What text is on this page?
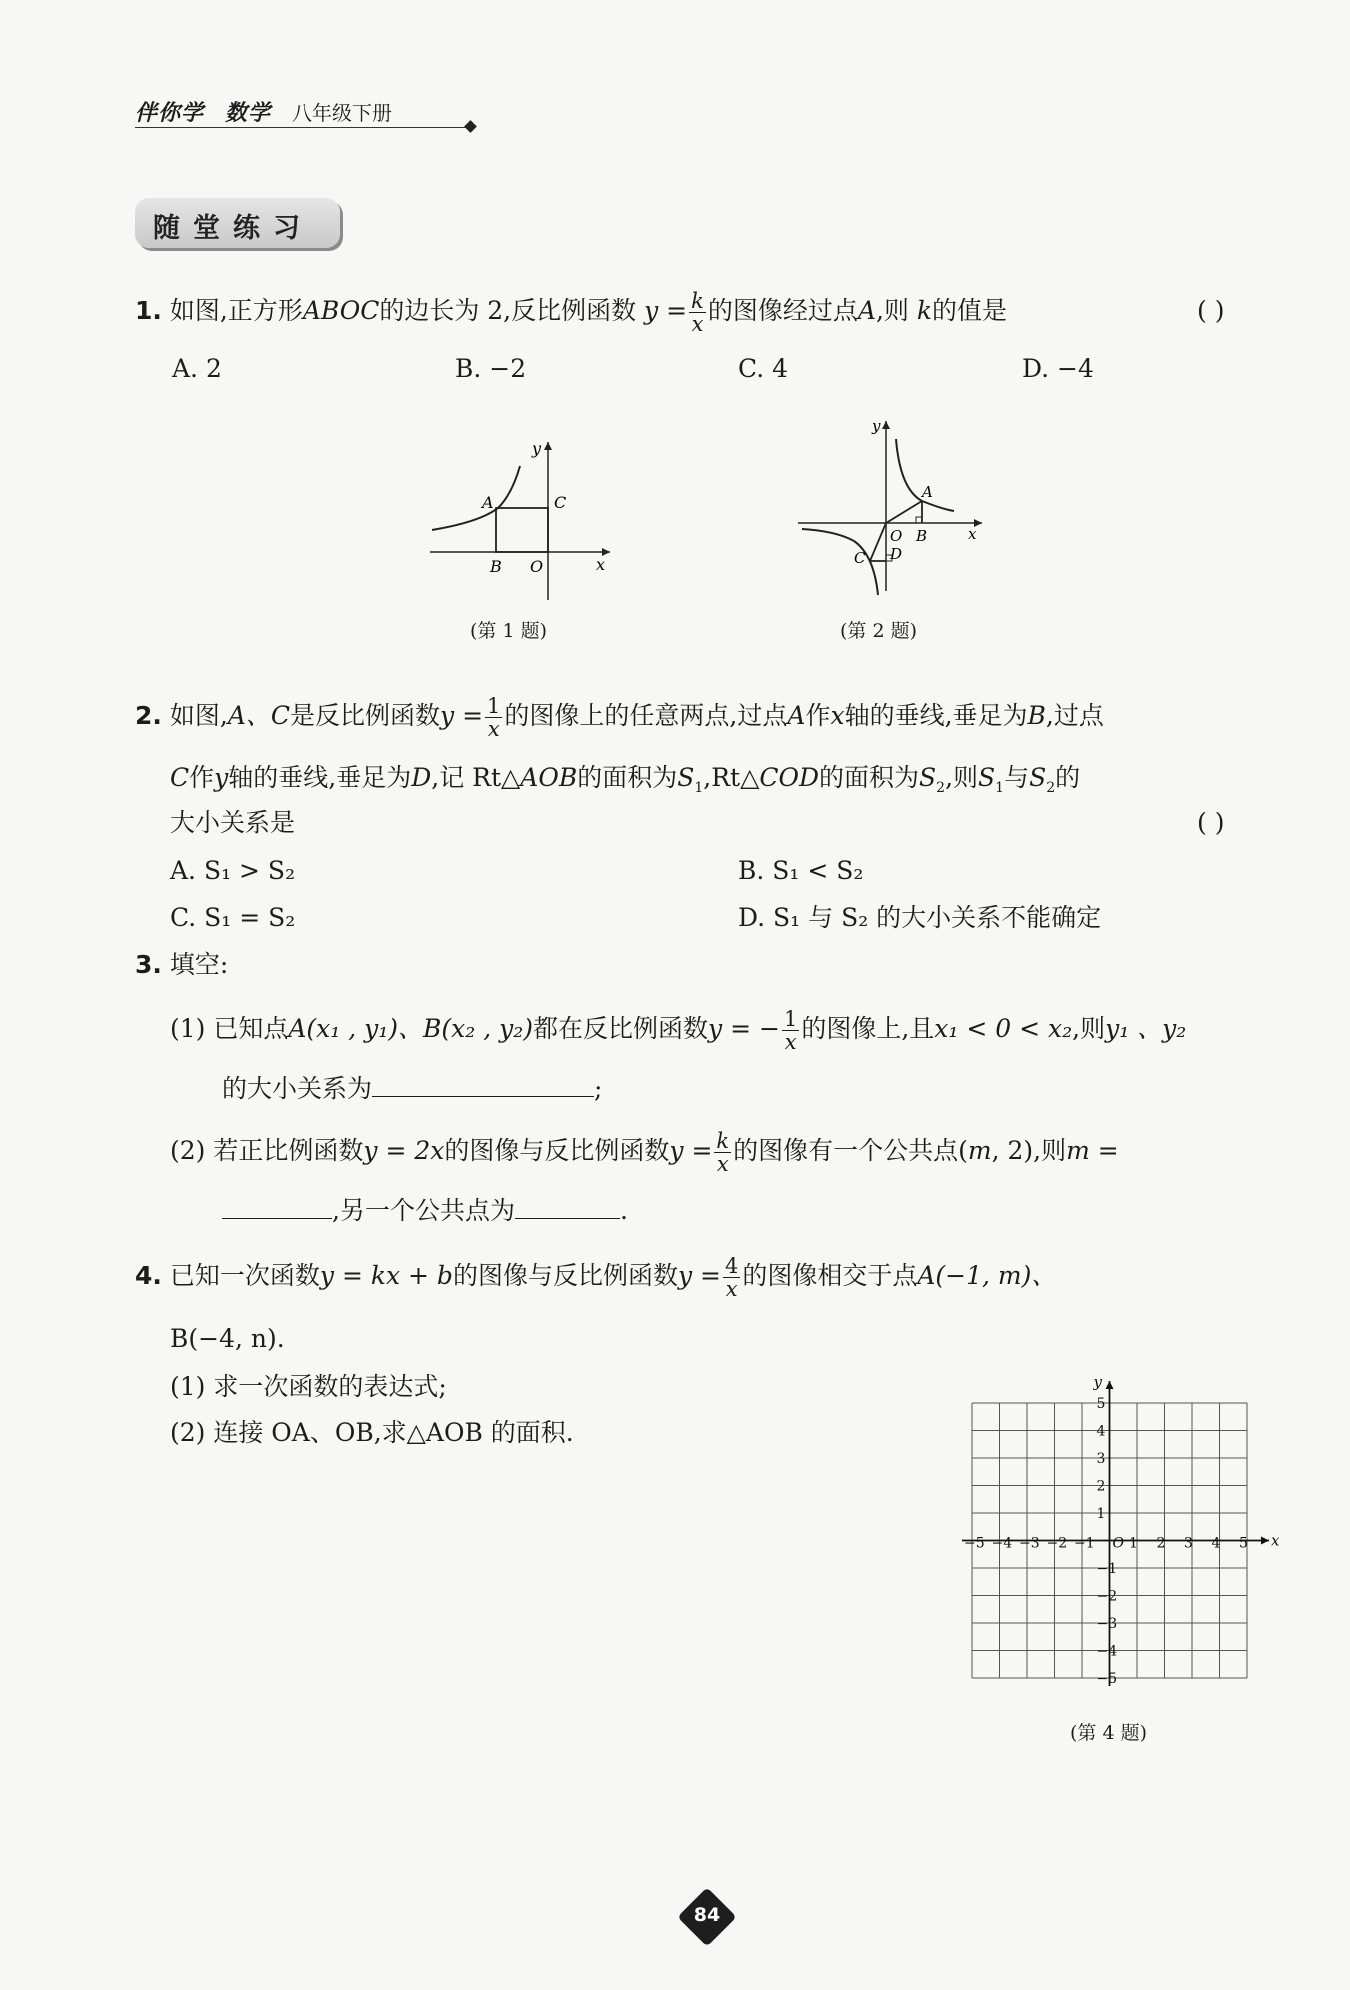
伴你学 数学 八年级下册
随堂练习
1. 如图,正方形ABOC的边长为 2,反比例函数 $y = \frac{k}{x}$ 的图像经过点A,则 k的值是	( )
A. 2	B. −2	C. 4	D. −4
A	C
B O	x
y
(第 1 题)
A
B
O
C D
x
y
(第 2 题)
2. 如图,A、C是反比例函数$y = \frac{1}{x}$ 的图像上的任意两点,过点A作x轴的垂线,垂足为B,过点
C作y轴的垂线,垂足为D,记 Rt△AOB的面积为$S_1,Rt\triangle COD$的面积为$S_2$,则$S_1$与$S_2$的
大小关系是	( )
A. S₁ > S₂	B. S₁ < S₂
C. S₁ = S₂	D. S₁ 与 S₂ 的大小关系不能确定
3. 填空:
(1) 已知点A(x₁ , y₁)、B(x₂ , y₂)都在反比例函数y = − $\frac{1}{x}$ 的图像上,且x₁ < 0 < x₂,则y₁ 、y₂
的大小关系为	;
(2) 若正比例函数y = 2x的图像与反比例函数$y = \frac{k}{x}$ 的图像有一个公共点(m, 2),则m =
,另一个公共点为	.
4. 已知一次函数y = kx + b的图像与反比例函数$y = \frac{4}{x}$ 的图像相交于点A(−1, m)、
B(−4, n).
(1) 求一次函数的表达式;
(2) 连接 OA、OB,求△AOB 的面积.
−5 −4 −3 −2 −1 1 2 3 4 5
5
4
3
2
1
−1
−2
−3
−4
−5
O	x
y
(第 4 题)
84
